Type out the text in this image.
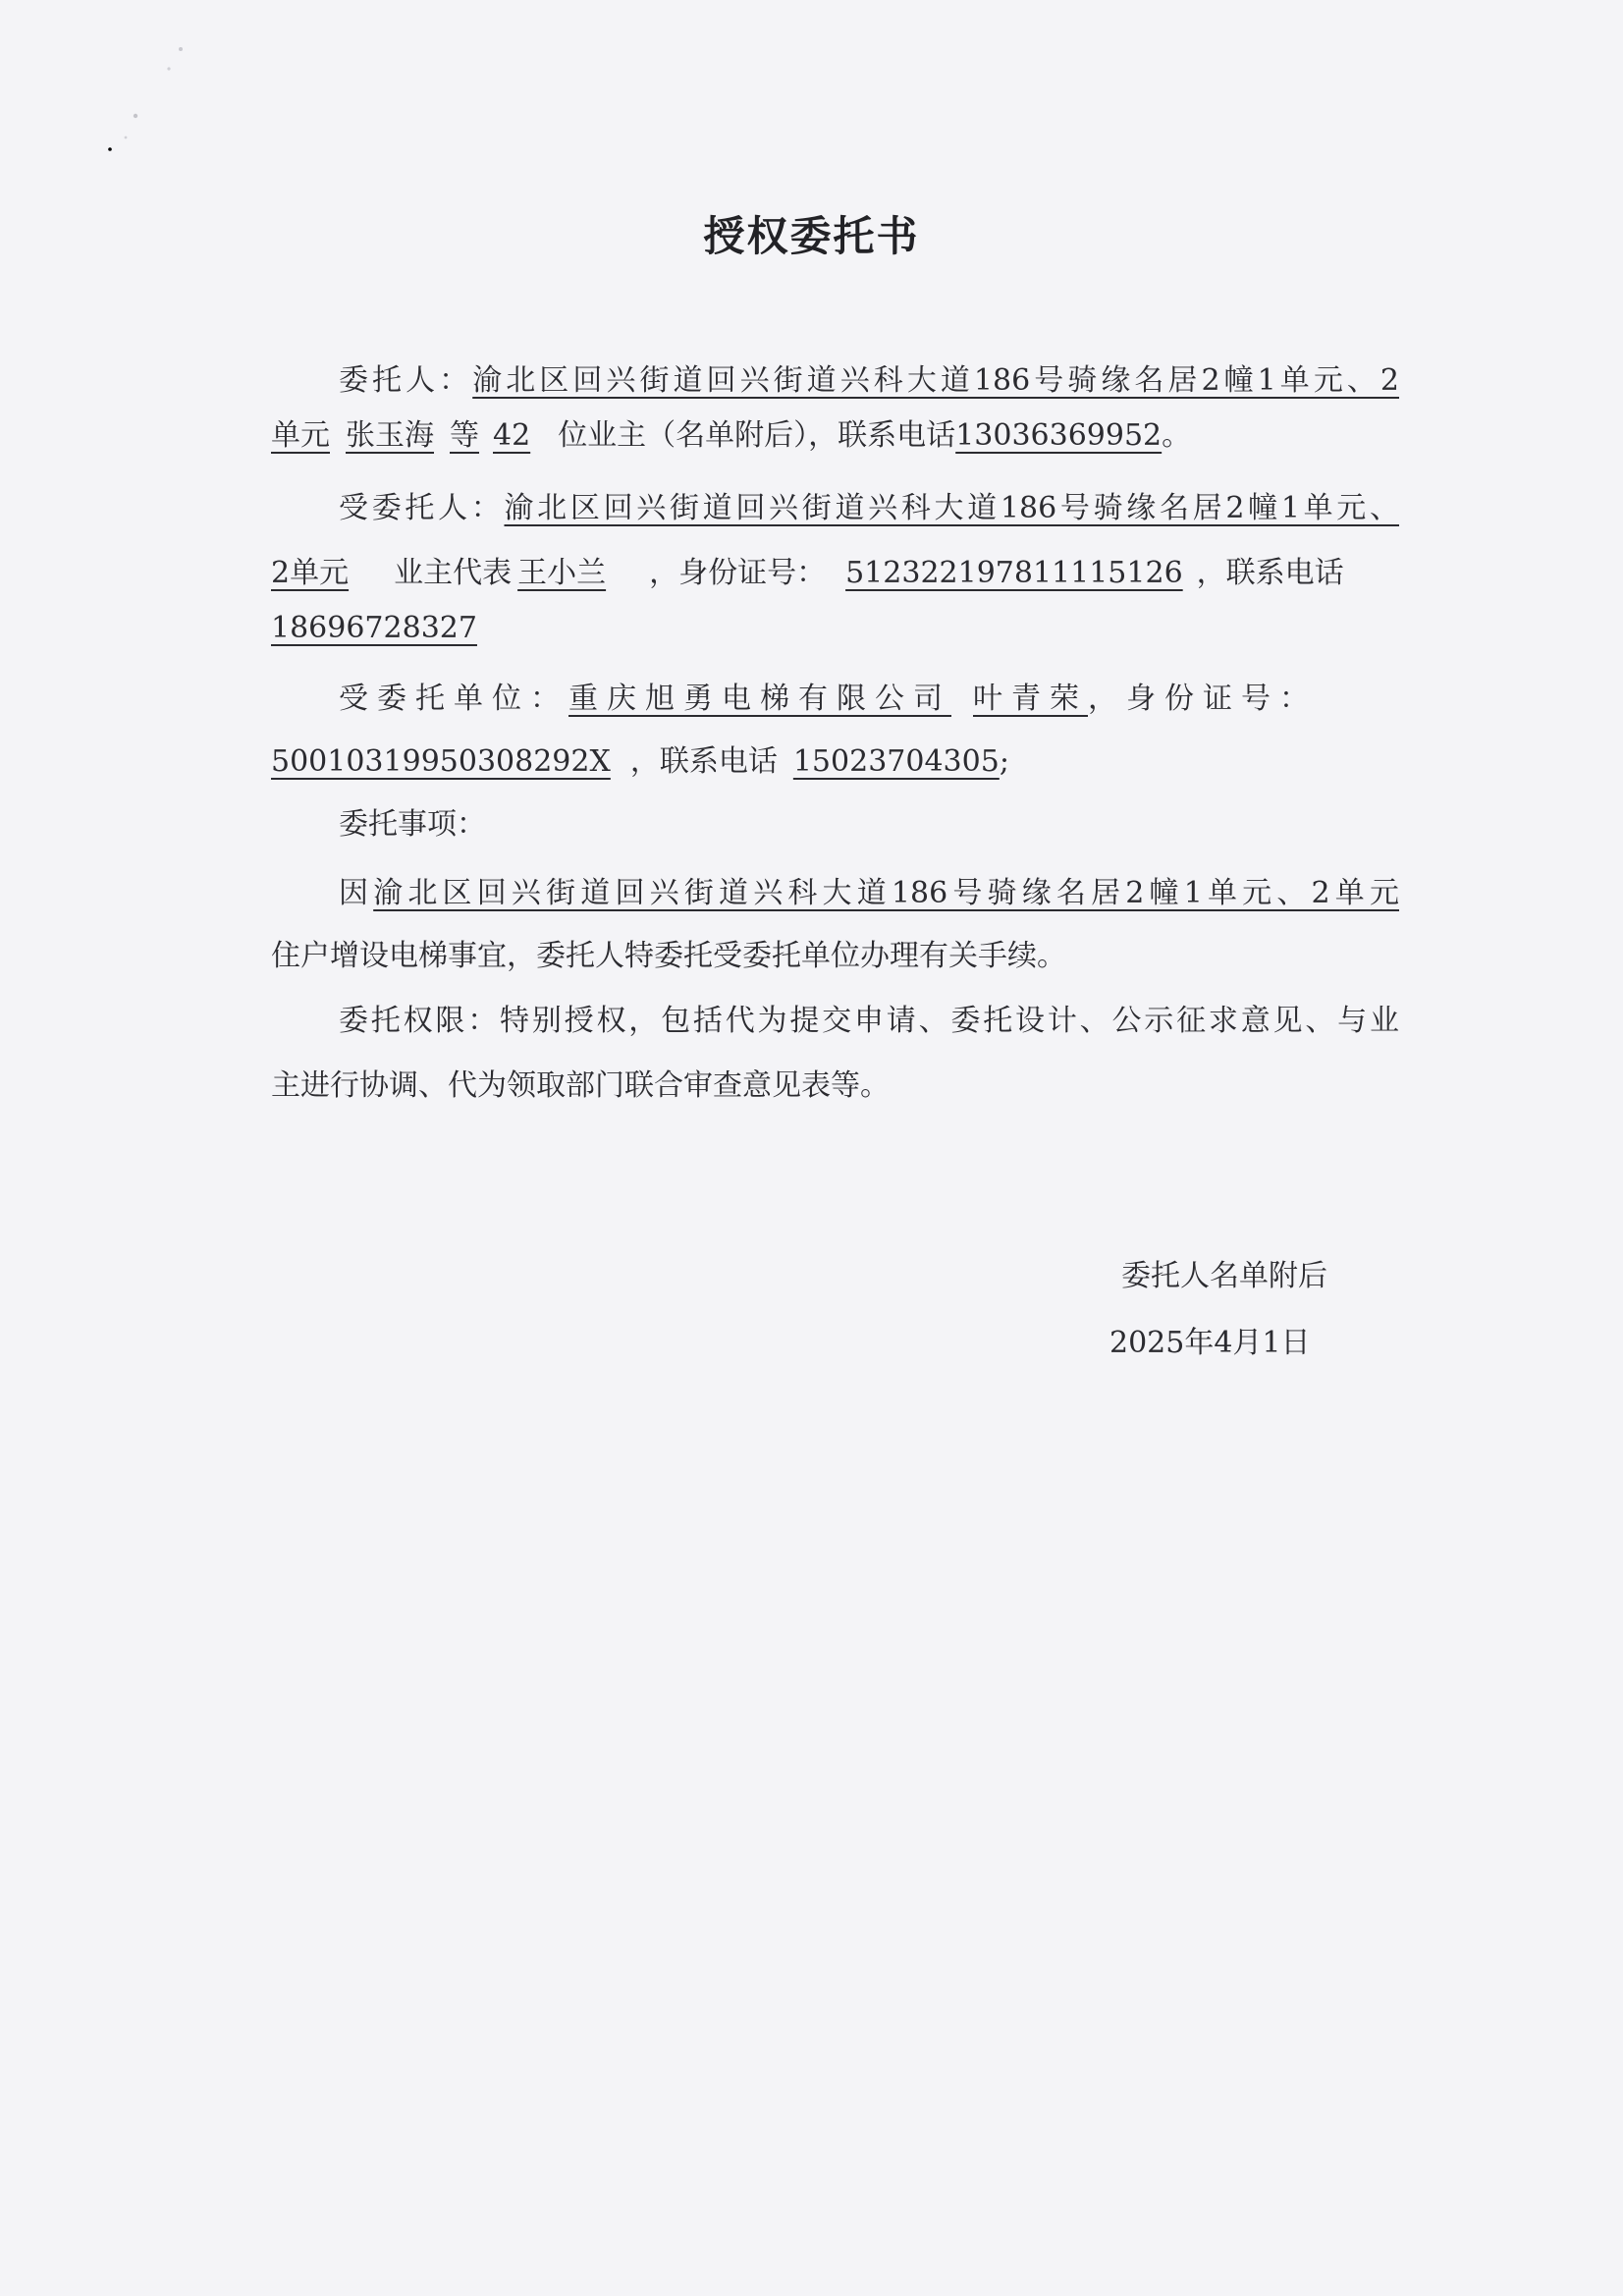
授权委托书
委托人：渝北区回兴街道回兴街道兴科大道186号骑缘名居2幢1单元、2
单元 张玉海 等 42 位业主（名单附后），联系电话13036369952。
受委托人：渝北区回兴街道回兴街道兴科大道186号骑缘名居2幢1单元、
2单元 业主代表 王小兰 ，身份证号： 512322197811115126 ，联系电话
18696728327
受委托单位：重庆旭勇电梯有限公司 叶青荣，身份证号：
50010319950308292X ，联系电话 15023704305;
委托事项：
因渝北区回兴街道回兴街道兴科大道186号骑缘名居2幢1单元、2单元
住户增设电梯事宜，委托人特委托受委托单位办理有关手续。
委托权限：特别授权，包括代为提交申请、委托设计、公示征求意见、与业
主进行协调、代为领取部门联合审查意见表等。
委托人名单附后
2025年4月1日
